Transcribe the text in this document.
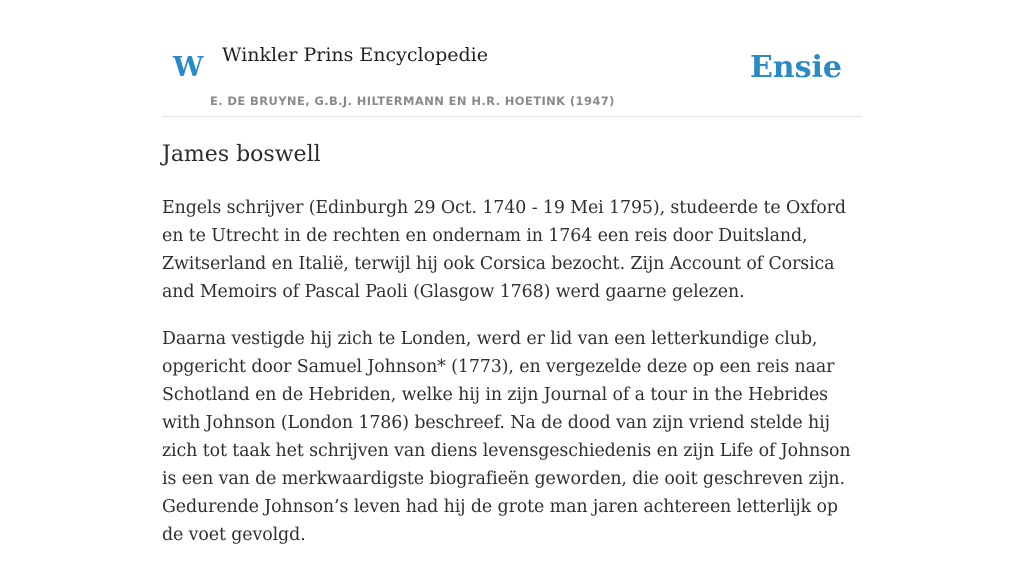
W Winkler Prins Encyclopedie
E. DE BRUYNE, G.B.J. HILTERMANN EN H.R. HOETINK (1947)
Ensie
James boswell

Engels schrijver (Edinburgh 29 Oct. 1740 - 19 Mei 1795), studeerde te Oxford en te Utrecht in de rechten en ondernam in 1764 een reis door Duitsland, Zwitserland en Italië, terwijl hij ook Corsica bezocht. Zijn Account of Corsica and Memoirs of Pascal Paoli (Glasgow 1768) werd gaarne gelezen.

Daarna vestigde hij zich te Londen, werd er lid van een letterkundige club, opgericht door Samuel Johnson* (1773), en vergezelde deze op een reis naar Schotland en de Hebriden, welke hij in zijn Journal of a tour in the Hebrides with Johnson (London 1786) beschreef. Na de dood van zijn vriend stelde hij zich tot taak het schrijven van diens levensgeschiedenis en zijn Life of Johnson is een van de merkwaardigste biografieën geworden, die ooit geschreven zijn. Gedurende Johnson’s leven had hij de grote man jaren achtereen letterlijk op de voet gevolgd.
